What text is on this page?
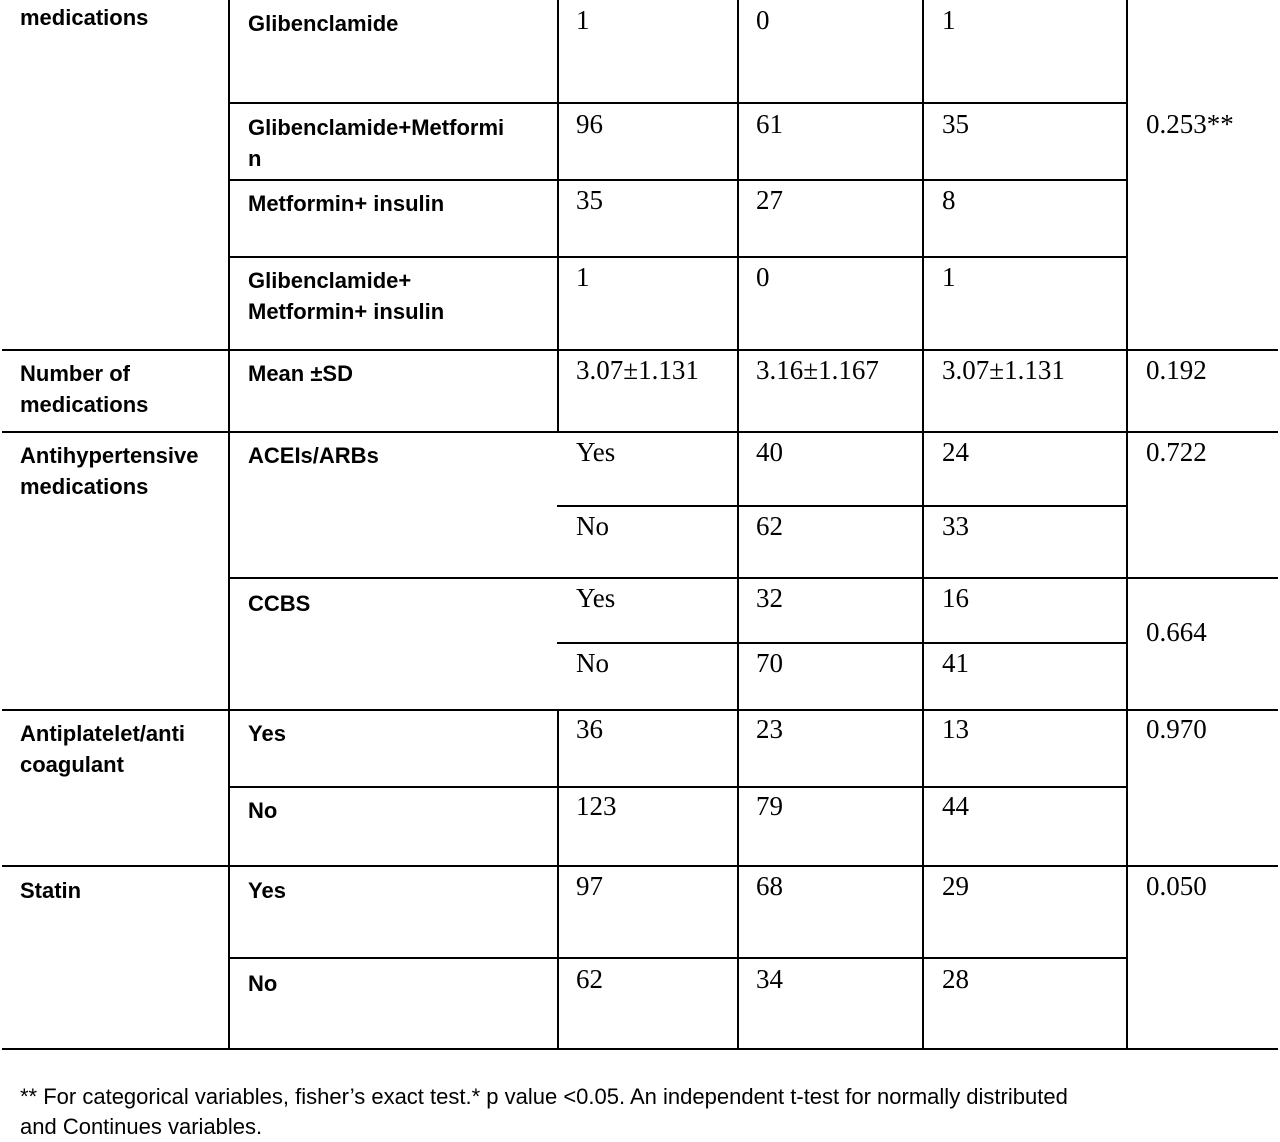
medications	Glibenclamide	1	0	1
Glibenclamide+Metformi
n
96	61	35	0.253**
Metformin+ insulin	35	27	8
Glibenclamide+
Metformin+ insulin
1	0	1
Number of
medications
Mean ±SD	3.07±1.131 3.16±1.167 3.07±1.131	0.192
Antihypertensive
medications
ACEIs/ARBs	Yes	40	24	0.722
No	62	33
CCBS	Yes	32	16
0.664
No	70	41
Antiplatelet/anti
coagulant
Yes	36	23	13	0.970
No	123	79	44
Statin	Yes	97	68	29	0.050
No	62	34	28
** For categorical variables, fisher’s exact test.* p value <0.05. An independent t-test for normally distributed
and Continues variables.
